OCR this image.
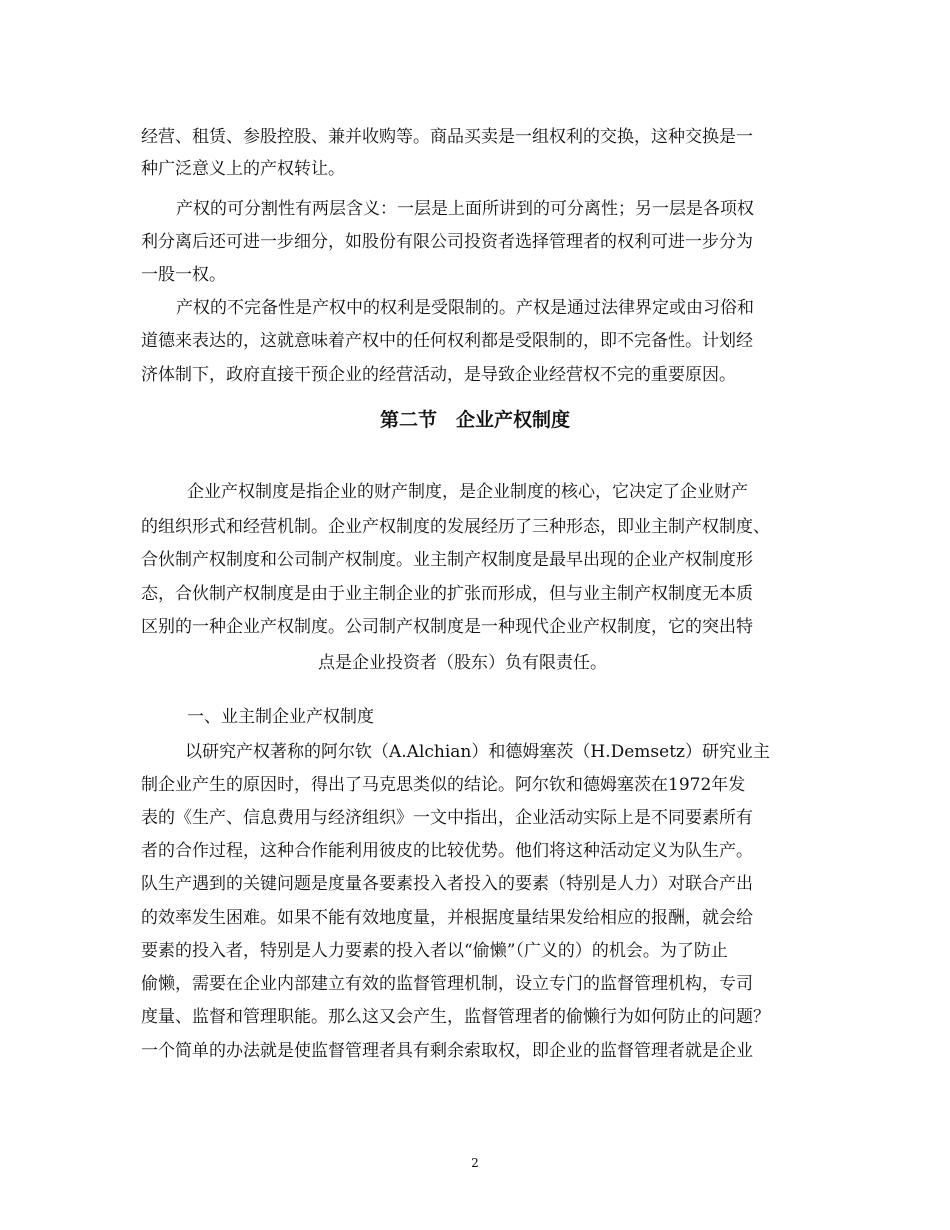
经营、租赁、参股控股、兼并收购等。商品买卖是一组权利的交换，这种交换是一
种广泛意义上的产权转让。
产权的可分割性有两层含义：一层是上面所讲到的可分离性；另一层是各项权
利分离后还可进一步细分，如股份有限公司投资者选择管理者的权利可进一步分为
一股一权。
产权的不完备性是产权中的权利是受限制的。产权是通过法律界定或由习俗和
道德来表达的，这就意味着产权中的任何权利都是受限制的，即不完备性。计划经
济体制下，政府直接干预企业的经营活动，是导致企业经营权不完的重要原因。
第二节　企业产权制度
企业产权制度是指企业的财产制度，是企业制度的核心，它决定了企业财产
的组织形式和经营机制。企业产权制度的发展经历了三种形态，即业主制产权制度、
合伙制产权制度和公司制产权制度。业主制产权制度是最早出现的企业产权制度形
态，合伙制产权制度是由于业主制企业的扩张而形成，但与业主制产权制度无本质
区别的一种企业产权制度。公司制产权制度是一种现代企业产权制度，它的突出特
点是企业投资者（股东）负有限责任。
一、业主制企业产权制度
以研究产权著称的阿尔钦（A.Alchian）和德姆塞茨（H.Demsetz）研究业主
制企业产生的原因时，得出了马克思类似的结论。阿尔钦和德姆塞茨在1972年发
表的《生产、信息费用与经济组织》一文中指出，企业活动实际上是不同要素所有
者的合作过程，这种合作能利用彼皮的比较优势。他们将这种活动定义为队生产。
队生产遇到的关键问题是度量各要素投入者投入的要素（特别是人力）对联合产出
的效率发生困难。如果不能有效地度量，并根据度量结果发给相应的报酬，就会给
要素的投入者，特别是人力要素的投入者以“偷懒”（广义的）的机会。为了防止
偷懒，需要在企业内部建立有效的监督管理机制，设立专门的监督管理机构，专司
度量、监督和管理职能。那么这又会产生，监督管理者的偷懒行为如何防止的问题？
一个简单的办法就是使监督管理者具有剩余索取权，即企业的监督管理者就是企业
2
